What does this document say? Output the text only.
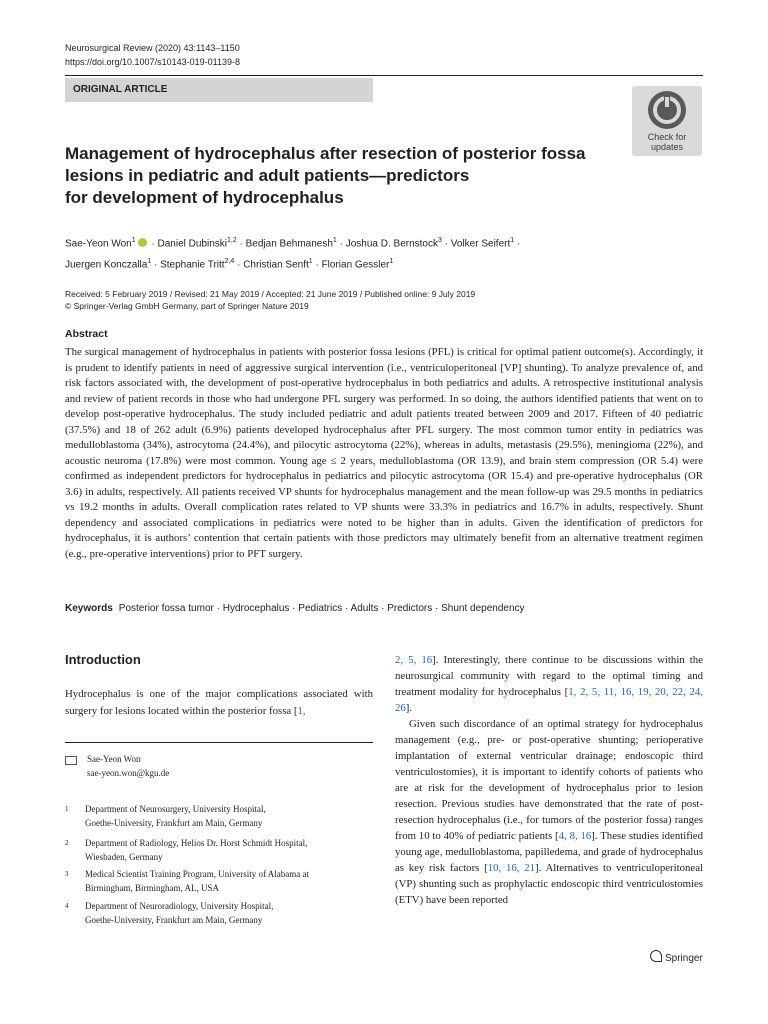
Neurosurgical Review (2020) 43:1143–1150
https://doi.org/10.1007/s10143-019-01139-8
ORIGINAL ARTICLE
Check for
updates
Management of hydrocephalus after resection of posterior fossa
lesions in pediatric and adult patients—predictors
for development of hydrocephalus
Sae-Yeon Won$^1$ · Daniel Dubinski$^{1,2}$ · Bedjan Behmanesh$^1$ · Joshua D. Bernstock$^3$ · Volker Seifert$^1$ ·
Juergen Konczalla$^1$ · Stephanie Tritt$^{2,4}$ · Christian Senft$^1$ · Florian Gessler$^1$
Received: 5 February 2019 / Revised: 21 May 2019 / Accepted: 21 June 2019 / Published online: 9 July 2019
© Springer-Verlag GmbH Germany, part of Springer Nature 2019
Abstract
The surgical management of hydrocephalus in patients with posterior fossa lesions (PFL) is critical for optimal patient outcome(s). Accordingly, it is prudent to identify patients in need of aggressive surgical intervention (i.e., ventriculoperitoneal [VP] shunting). To analyze prevalence of, and risk factors associated with, the development of post-operative hydrocephalus in both pediatrics and adults. A retrospective institutional analysis and review of patient records in those who had undergone PFL surgery was performed. In so doing, the authors identified patients that went on to develop post-operative hydrocephalus. The study included pediatric and adult patients treated between 2009 and 2017. Fifteen of 40 pediatric (37.5%) and 18 of 262 adult (6.9%) patients developed hydrocephalus after PFL surgery. The most common tumor entity in pediatrics was medulloblastoma (34%), astrocytoma (24.4%), and pilocytic astrocytoma (22%), whereas in adults, metastasis (29.5%), meningioma (22%), and acoustic neuroma (17.8%) were most common. Young age ≤ 2 years, medulloblastoma (OR 13.9), and brain stem compression (OR 5.4) were confirmed as independent predictors for hydrocephalus in pediatrics and pilocytic astrocytoma (OR 15.4) and pre-operative hydrocephalus (OR 3.6) in adults, respectively. All patients received VP shunts for hydrocephalus management and the mean follow-up was 29.5 months in pediatrics vs 19.2 months in adults. Overall complication rates related to VP shunts were 33.3% in pediatrics and 16.7% in adults, respectively. Shunt dependency and associated complications in pediatrics were noted to be higher than in adults. Given the identification of predictors for hydrocephalus, it is authors’ contention that certain patients with those predictors may ultimately benefit from an alternative treatment regimen (e.g., pre-operative interventions) prior to PFT surgery.
Keywords Posterior fossa tumor · Hydrocephalus · Pediatrics · Adults · Predictors · Shunt dependency
Introduction
Hydrocephalus is one of the major complications associated with surgery for lesions located within the posterior fossa [1,
Sae-Yeon Won
sae-yeon.won@kgu.de
1 Department of Neurosurgery, University Hospital,
Goethe-University, Frankfurt am Main, Germany
2 Department of Radiology, Helios Dr. Horst Schmidt Hospital,
Wiesbaden, Germany
3 Medical Scientist Training Program, University of Alabama at
Birmingham, Birmingham, AL, USA
4 Department of Neuroradiology, University Hospital,
Goethe-University, Frankfurt am Main, Germany

2, 5, 16]. Interestingly, there continue to be discussions within the neurosurgical community with regard to the optimal timing and treatment modality for hydrocephalus [1, 2, 5, 11, 16, 19, 20, 22, 24, 26].

Given such discordance of an optimal strategy for hydrocephalus management (e.g., pre- or post-operative shunting; perioperative implantation of external ventricular drainage; endoscopic third ventriculostomies), it is important to identify cohorts of patients who are at risk for the development of hydrocephalus prior to lesion resection. Previous studies have demonstrated that the rate of post-resection hydrocephalus (i.e., for tumors of the posterior fossa) ranges from 10 to 40% of pediatric patients [4, 8, 16]. These studies identified young age, medulloblastoma, papilledema, and grade of hydrocephalus as key risk factors [10, 16, 21]. Alternatives to ventriculoperitoneal (VP) shunting such as prophylactic endoscopic third ventriculostomies (ETV) have been reported

Springer
